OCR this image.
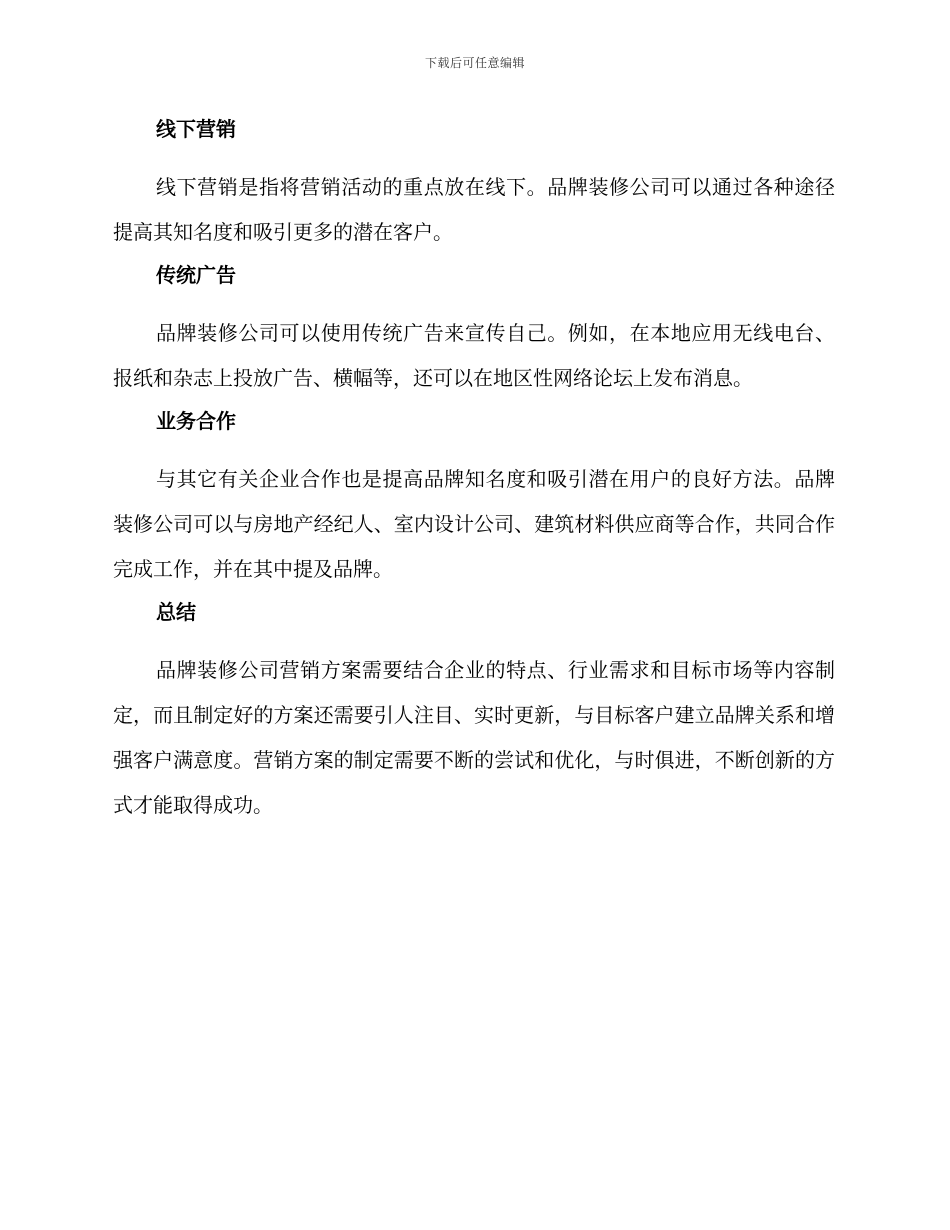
下载后可任意编辑
线下营销

线下营销是指将营销活动的重点放在线下。品牌装修公司可以通过各种途径提高其知名度和吸引更多的潜在客户。

传统广告

品牌装修公司可以使用传统广告来宣传自己。例如，在本地应用无线电台、报纸和杂志上投放广告、横幅等，还可以在地区性网络论坛上发布消息。

业务合作

与其它有关企业合作也是提高品牌知名度和吸引潜在用户的良好方法。品牌装修公司可以与房地产经纪人、室内设计公司、建筑材料供应商等合作，共同合作完成工作，并在其中提及品牌。

总结

品牌装修公司营销方案需要结合企业的特点、行业需求和目标市场等内容制定，而且制定好的方案还需要引人注目、实时更新，与目标客户建立品牌关系和增强客户满意度。营销方案的制定需要不断的尝试和优化，与时俱进，不断创新的方式才能取得成功。
